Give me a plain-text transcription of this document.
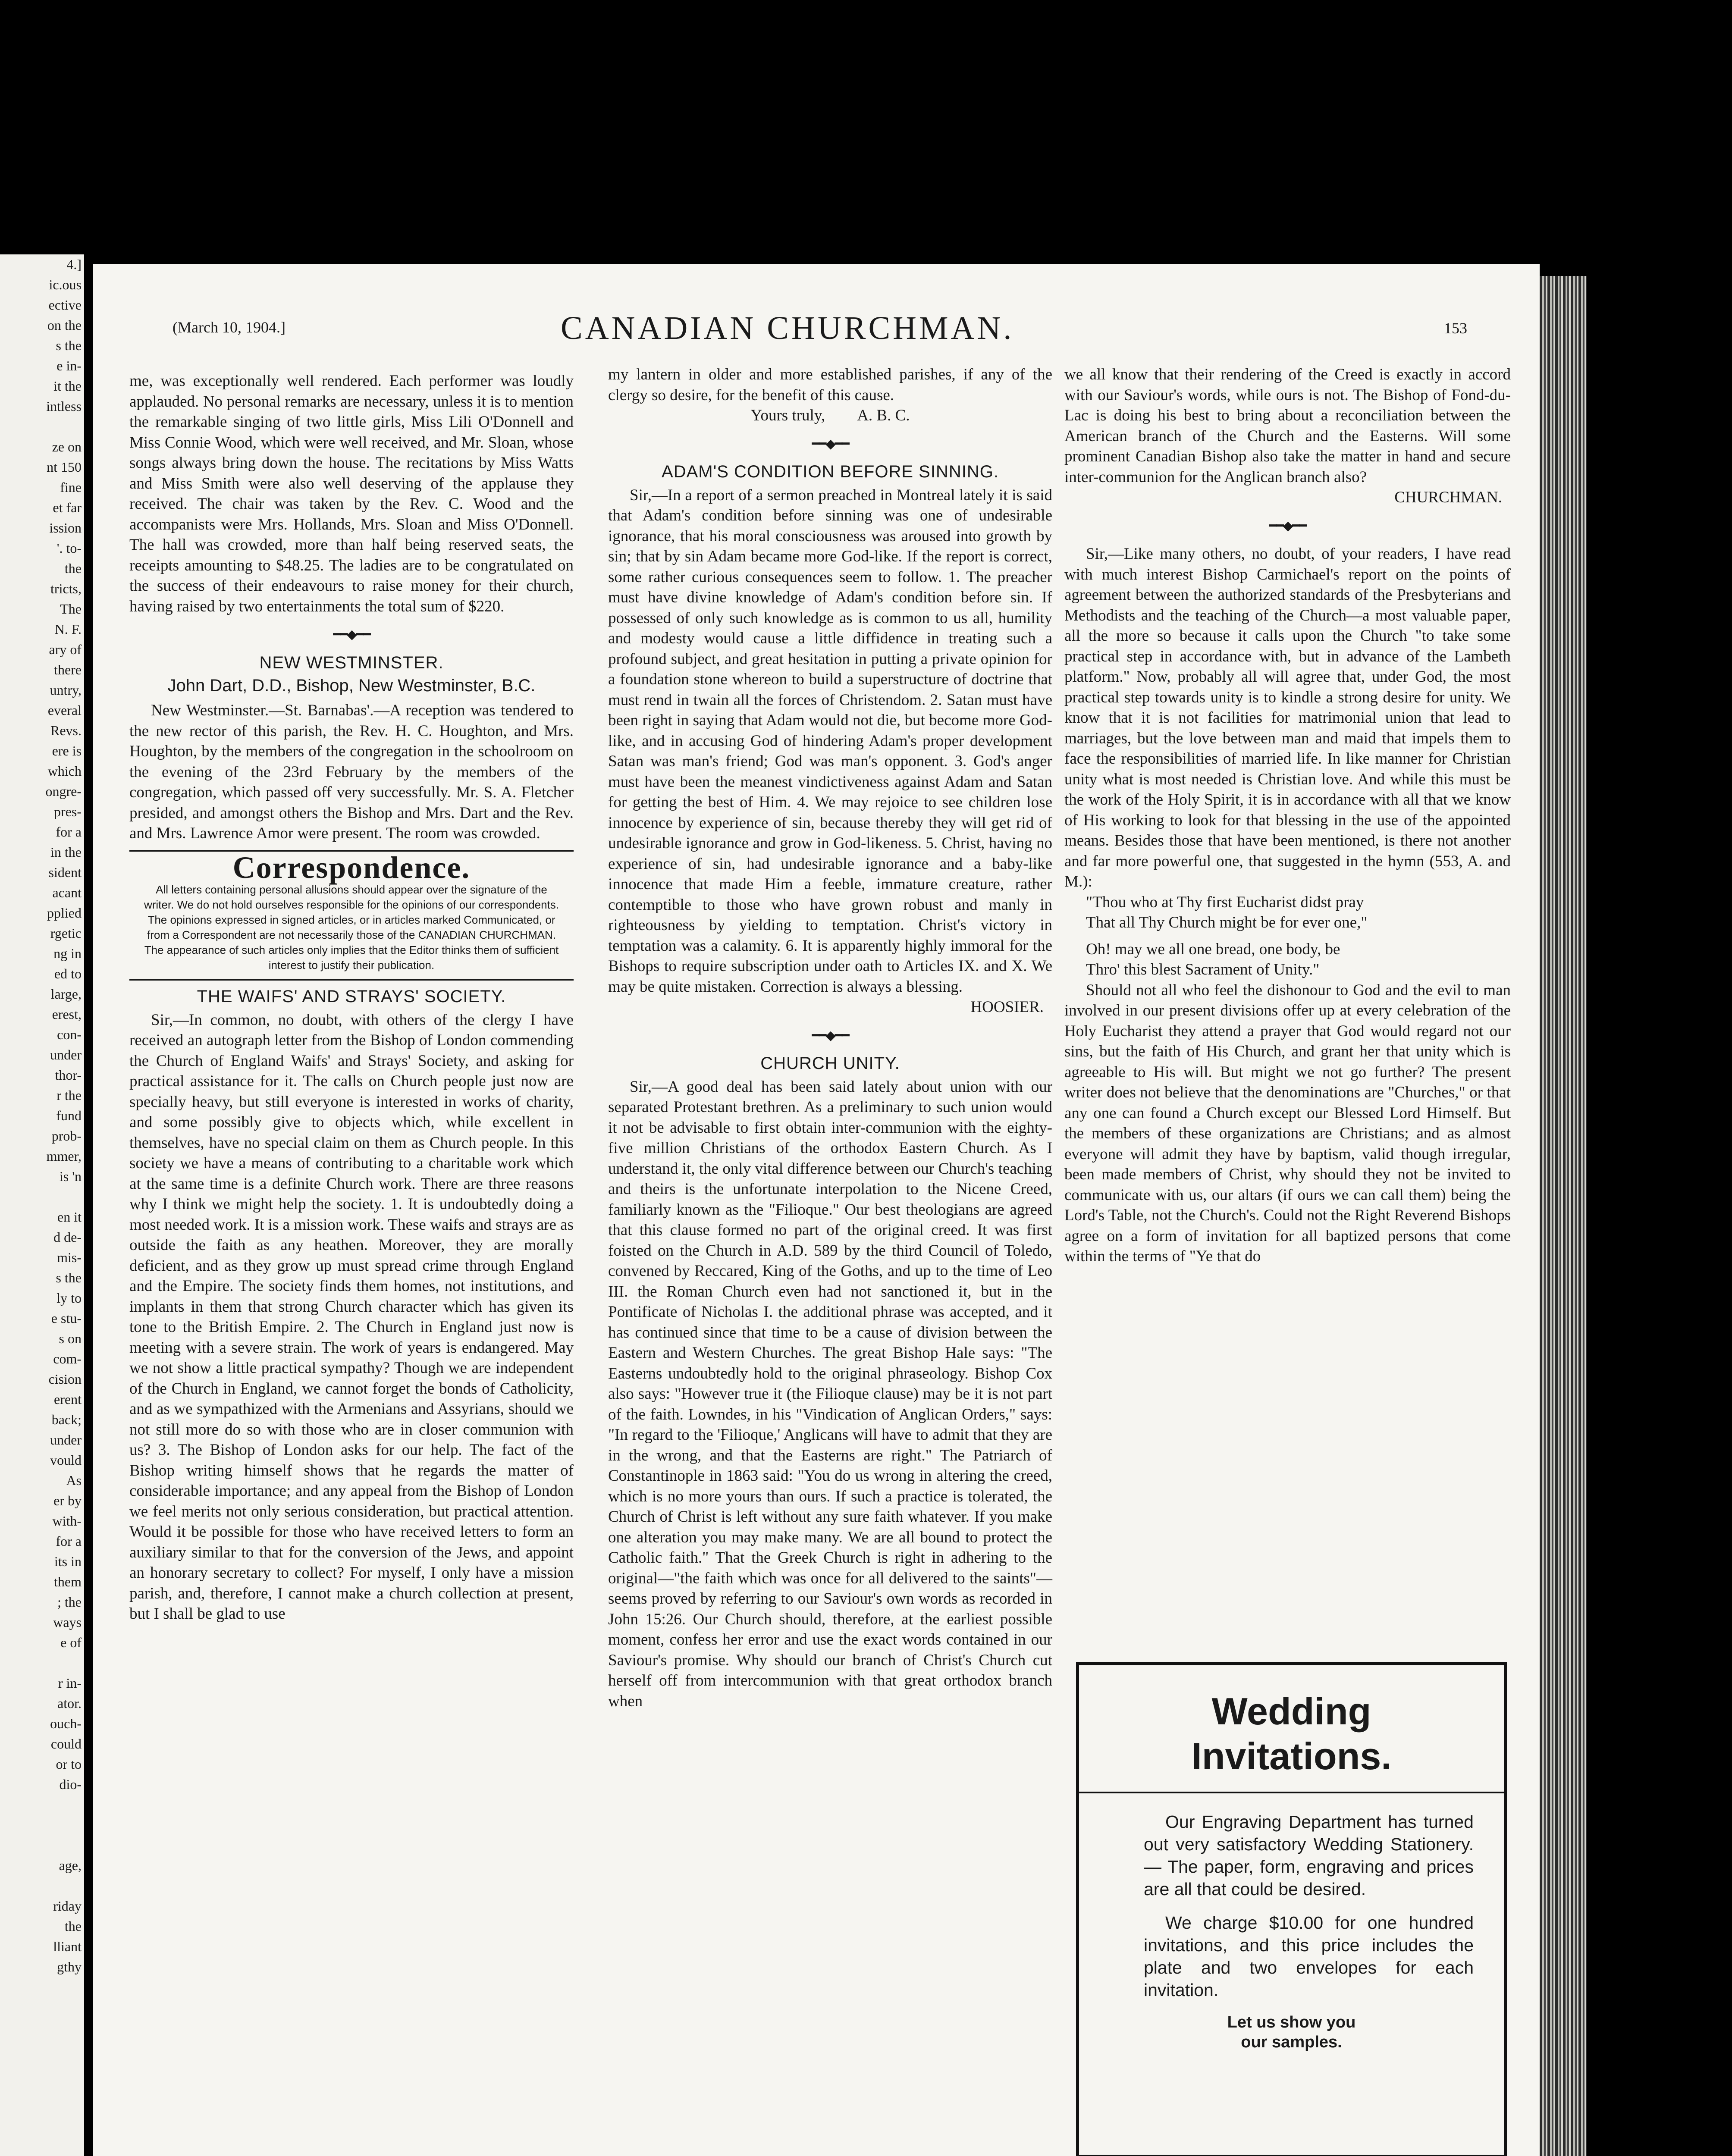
4.]
ic.ous
ective
on the
s the
e in-
it the
intless

ze on
nt 150
fine
et far
ission
'. to-
the
tricts,
The
N. F.
ary of
there
untry,
everal
Revs.
ere is
which
ongre-
pres-
for a
in the
sident
acant
pplied
rgetic
ng in
ed to
large,
erest,
con-
under
thor-
r the
fund
prob-
mmer,
is 'n

en it
d de-
mis-
s the
ly to
e stu-
s on
com-
cision
erent
back;
under
vould
As
er by
with-
for a
its in
them
; the
ways
e of

r in-
ator.
ouch-
could
or to
dio-

age,

riday
the
lliant
gthy
(March 10, 1904.]	CANADIAN CHURCHMAN.	153

me, was exceptionally well rendered. Each performer was loudly applauded. No personal remarks are necessary, unless it is to mention the remarkable singing of two little girls, Miss Lili O'Donnell and Miss Connie Wood, which were well received, and Mr. Sloan, whose songs always bring down the house. The recitations by Miss Watts and Miss Smith were also well deserving of the applause they received. The chair was taken by the Rev. C. Wood and the accompanists were Mrs. Hollands, Mrs. Sloan and Miss O'Donnell. The hall was crowded, more than half being reserved seats, the receipts amounting to $48.25. The ladies are to be congratulated on the success of their endeavours to raise money for their church, having raised by two entertainments the total sum of $220.

━━◆━━
NEW WESTMINSTER.
John Dart, D.D., Bishop, New Westminster, B.C.

New Westminster.—St. Barnabas'.—A reception was tendered to the new rector of this parish, the Rev. H. C. Houghton, and Mrs. Houghton, by the members of the congregation in the schoolroom on the evening of the 23rd February by the members of the congregation, which passed off very successfully. Mr. S. A. Fletcher presided, and amongst others the Bishop and Mrs. Dart and the Rev. and Mrs. Lawrence Amor were present. The room was crowded.

Correspondence.
All letters containing personal allusions should appear over the signature of the writer. We do not hold ourselves responsible for the opinions of our correspondents. The opinions expressed in signed articles, or in articles marked Communicated, or from a Correspondent are not necessarily those of the CANADIAN CHURCHMAN. The appearance of such articles only implies that the Editor thinks them of sufficient interest to justify their publication.
THE WAIFS' AND STRAYS' SOCIETY.

Sir,—In common, no doubt, with others of the clergy I have received an autograph letter from the Bishop of London commending the Church of England Waifs' and Strays' Society, and asking for practical assistance for it. The calls on Church people just now are specially heavy, but still everyone is interested in works of charity, and some possibly give to objects which, while excellent in themselves, have no special claim on them as Church people. In this society we have a means of contributing to a charitable work which at the same time is a definite Church work. There are three reasons why I think we might help the society. 1. It is undoubtedly doing a most needed work. It is a mission work. These waifs and strays are as outside the faith as any heathen. Moreover, they are morally deficient, and as they grow up must spread crime through England and the Empire. The society finds them homes, not institutions, and implants in them that strong Church character which has given its tone to the British Empire. 2. The Church in England just now is meeting with a severe strain. The work of years is endangered. May we not show a little practical sympathy? Though we are independent of the Church in England, we cannot forget the bonds of Catholicity, and as we sympathized with the Armenians and Assyrians, should we not still more do so with those who are in closer communion with us? 3. The Bishop of London asks for our help. The fact of the Bishop writing himself shows that he regards the matter of considerable importance; and any appeal from the Bishop of London we feel merits not only serious consideration, but practical attention. Would it be possible for those who have received letters to form an auxiliary similar to that for the conversion of the Jews, and appoint an honorary secretary to collect? For myself, I only have a mission parish, and, therefore, I cannot make a church collection at present, but I shall be glad to use

my lantern in older and more established parishes, if any of the clergy so desire, for the benefit of this cause.

Yours truly, A. B. C.
━━◆━━
ADAM'S CONDITION BEFORE SINNING.

Sir,—In a report of a sermon preached in Montreal lately it is said that Adam's condition before sinning was one of undesirable ignorance, that his moral consciousness was aroused into growth by sin; that by sin Adam became more God-like. If the report is correct, some rather curious consequences seem to follow. 1. The preacher must have divine knowledge of Adam's condition before sin. If possessed of only such knowledge as is common to us all, humility and modesty would cause a little diffidence in treating such a profound subject, and great hesitation in putting a private opinion for a foundation stone whereon to build a superstructure of doctrine that must rend in twain all the forces of Christendom. 2. Satan must have been right in saying that Adam would not die, but become more God-like, and in accusing God of hindering Adam's proper development Satan was man's friend; God was man's opponent. 3. God's anger must have been the meanest vindictiveness against Adam and Satan for getting the best of Him. 4. We may rejoice to see children lose innocence by experience of sin, because thereby they will get rid of undesirable ignorance and grow in God-likeness. 5. Christ, having no experience of sin, had undesirable ignorance and a baby-like innocence that made Him a feeble, immature creature, rather contemptible to those who have grown robust and manly in righteousness by yielding to temptation. Christ's victory in temptation was a calamity. 6. It is apparently highly immoral for the Bishops to require subscription under oath to Articles IX. and X. We may be quite mistaken. Correction is always a blessing.

HOOSIER.
━━◆━━
CHURCH UNITY.

Sir,—A good deal has been said lately about union with our separated Protestant brethren. As a preliminary to such union would it not be advisable to first obtain inter-communion with the eighty-five million Christians of the orthodox Eastern Church. As I understand it, the only vital difference between our Church's teaching and theirs is the unfortunate interpolation to the Nicene Creed, familiarly known as the "Filioque." Our best theologians are agreed that this clause formed no part of the original creed. It was first foisted on the Church in A.D. 589 by the third Council of Toledo, convened by Reccared, King of the Goths, and up to the time of Leo III. the Roman Church even had not sanctioned it, but in the Pontificate of Nicholas I. the additional phrase was accepted, and it has continued since that time to be a cause of division between the Eastern and Western Churches. The great Bishop Hale says: "The Easterns undoubtedly hold to the original phraseology. Bishop Cox also says: "However true it (the Filioque clause) may be it is not part of the faith. Lowndes, in his "Vindication of Anglican Orders," says: "In regard to the 'Filioque,' Anglicans will have to admit that they are in the wrong, and that the Easterns are right." The Patriarch of Constantinople in 1863 said: "You do us wrong in altering the creed, which is no more yours than ours. If such a practice is tolerated, the Church of Christ is left without any sure faith whatever. If you make one alteration you may make many. We are all bound to protect the Catholic faith." That the Greek Church is right in adhering to the original—"the faith which was once for all delivered to the saints"—seems proved by referring to our Saviour's own words as recorded in John 15:26. Our Church should, therefore, at the earliest possible moment, confess her error and use the exact words contained in our Saviour's promise. Why should our branch of Christ's Church cut herself off from intercommunion with that great orthodox branch when

we all know that their rendering of the Creed is exactly in accord with our Saviour's words, while ours is not. The Bishop of Fond-du-Lac is doing his best to bring about a reconciliation between the American branch of the Church and the Easterns. Will some prominent Canadian Bishop also take the matter in hand and secure inter-communion for the Anglican branch also?

CHURCHMAN.
━━◆━━

Sir,—Like many others, no doubt, of your readers, I have read with much interest Bishop Carmichael's report on the points of agreement between the authorized standards of the Presbyterians and Methodists and the teaching of the Church—a most valuable paper, all the more so because it calls upon the Church "to take some practical step in accordance with, but in advance of the Lambeth platform." Now, probably all will agree that, under God, the most practical step towards unity is to kindle a strong desire for unity. We know that it is not facilities for matrimonial union that lead to marriages, but the love between man and maid that impels them to face the responsibilities of married life. In like manner for Christian unity what is most needed is Christian love. And while this must be the work of the Holy Spirit, it is in accordance with all that we know of His working to look for that blessing in the use of the appointed means. Besides those that have been mentioned, is there not another and far more powerful one, that suggested in the hymn (553, A. and M.):

"Thou who at Thy first Eucharist didst pray

That all Thy Church might be for ever one,"

Oh! may we all one bread, one body, be

Thro' this blest Sacrament of Unity."

Should not all who feel the dishonour to God and the evil to man involved in our present divisions offer up at every celebration of the Holy Eucharist they attend a prayer that God would regard not our sins, but the faith of His Church, and grant her that unity which is agreeable to His will. But might we not go further? The present writer does not believe that the denominations are "Churches," or that any one can found a Church except our Blessed Lord Himself. But the members of these organizations are Christians; and as almost everyone will admit they have by baptism, valid though irregular, been made members of Christ, why should they not be invited to communicate with us, our altars (if ours we can call them) being the Lord's Table, not the Church's. Could not the Right Reverend Bishops agree on a form of invitation for all baptized persons that come within the terms of "Ye that do

Wedding
Invitations.

Our Engraving Department has turned out very satisfactory Wedding Stationery. — The paper, form, engraving and prices are all that could be desired.

We charge $10.00 for one hundred invitations, and this price includes the plate and two envelopes for each invitation.

Let us show you
our samples.
